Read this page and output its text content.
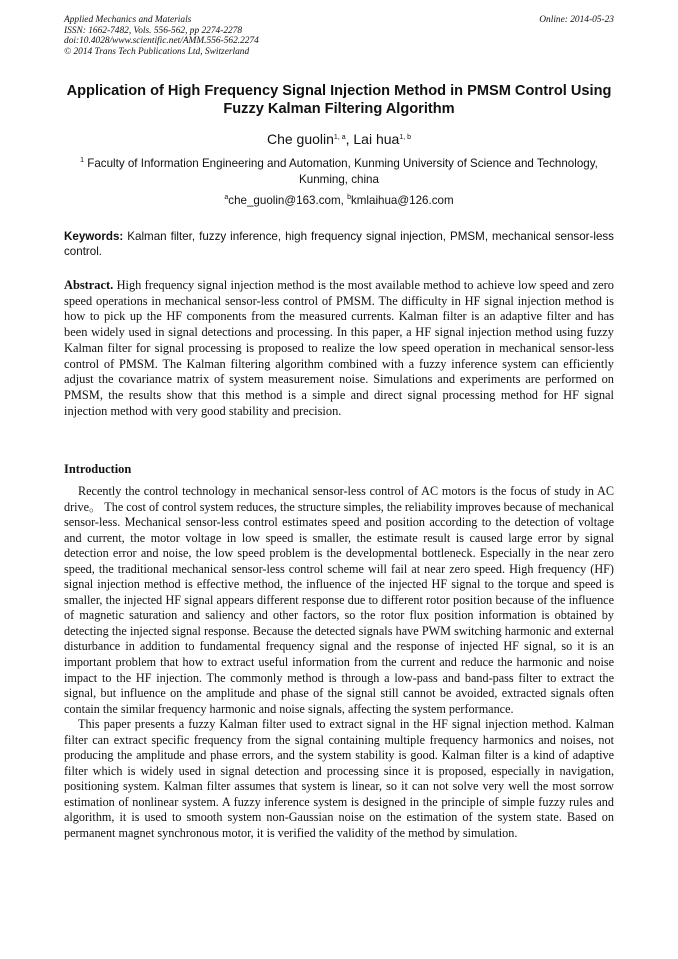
Applied Mechanics and Materials
ISSN: 1662-7482, Vols. 556-562, pp 2274-2278
doi:10.4028/www.scientific.net/AMM.556-562.2274
© 2014 Trans Tech Publications Ltd, Switzerland
Online: 2014-05-23
Application of High Frequency Signal Injection Method in PMSM Control Using Fuzzy Kalman Filtering Algorithm
Che guolin$^{1, a}$, Lai hua$^{1, b}$
$^1$ Faculty of Information Engineering and Automation, Kunming University of Science and Technology, Kunming, china
$^a$che_guolin@163.com, $^b$kmlaihua@126.com
Keywords: Kalman filter, fuzzy inference, high frequency signal injection, PMSM, mechanical sensor-less control.
Abstract. High frequency signal injection method is the most available method to achieve low speed and zero speed operations in mechanical sensor-less control of PMSM. The difficulty in HF signal injection method is how to pick up the HF components from the measured currents. Kalman filter is an adaptive filter and has been widely used in signal detections and processing. In this paper, a HF signal injection method using fuzzy Kalman filter for signal processing is proposed to realize the low speed operation in mechanical sensor-less control of PMSM. The Kalman filtering algorithm combined with a fuzzy inference system can efficiently adjust the covariance matrix of system measurement noise. Simulations and experiments are performed on PMSM, the results show that this method is a simple and direct signal processing method for HF signal injection method with very good stability and precision.
Introduction

Recently the control technology in mechanical sensor-less control of AC motors is the focus of study in AC drive。 The cost of control system reduces, the structure simples, the reliability improves because of mechanical sensor-less. Mechanical sensor-less control estimates speed and position according to the detection of voltage and current, the motor voltage in low speed is smaller, the estimate result is caused large error by signal detection error and noise, the low speed problem is the developmental bottleneck. Especially in the near zero speed, the traditional mechanical sensor-less control scheme will fail at near zero speed. High frequency (HF) signal injection method is effective method, the influence of the injected HF signal to the torque and speed is smaller, the injected HF signal appears different response due to different rotor position because of the influence of magnetic saturation and saliency and other factors, so the rotor flux position information is obtained by detecting the injected signal response. Because the detected signals have PWM switching harmonic and external disturbance in addition to fundamental frequency signal and the response of injected HF signal, so it is an important problem that how to extract useful information from the current and reduce the harmonic and noise impact to the HF injection. The commonly method is through a low-pass and band-pass filter to extract the signal, but influence on the amplitude and phase of the signal still cannot be avoided, extracted signals often contain the similar frequency harmonic and noise signals, affecting the system performance.

This paper presents a fuzzy Kalman filter used to extract signal in the HF signal injection method. Kalman filter can extract specific frequency from the signal containing multiple frequency harmonics and noises, not producing the amplitude and phase errors, and the system stability is good. Kalman filter is a kind of adaptive filter which is widely used in signal detection and processing since it is proposed, especially in navigation, positioning system. Kalman filter assumes that system is linear, so it can not solve very well the most sorrow estimation of nonlinear system. A fuzzy inference system is designed in the principle of simple fuzzy rules and algorithm, it is used to smooth system non-Gaussian noise on the estimation of the system state. Based on permanent magnet synchronous motor, it is verified the validity of the method by simulation.
